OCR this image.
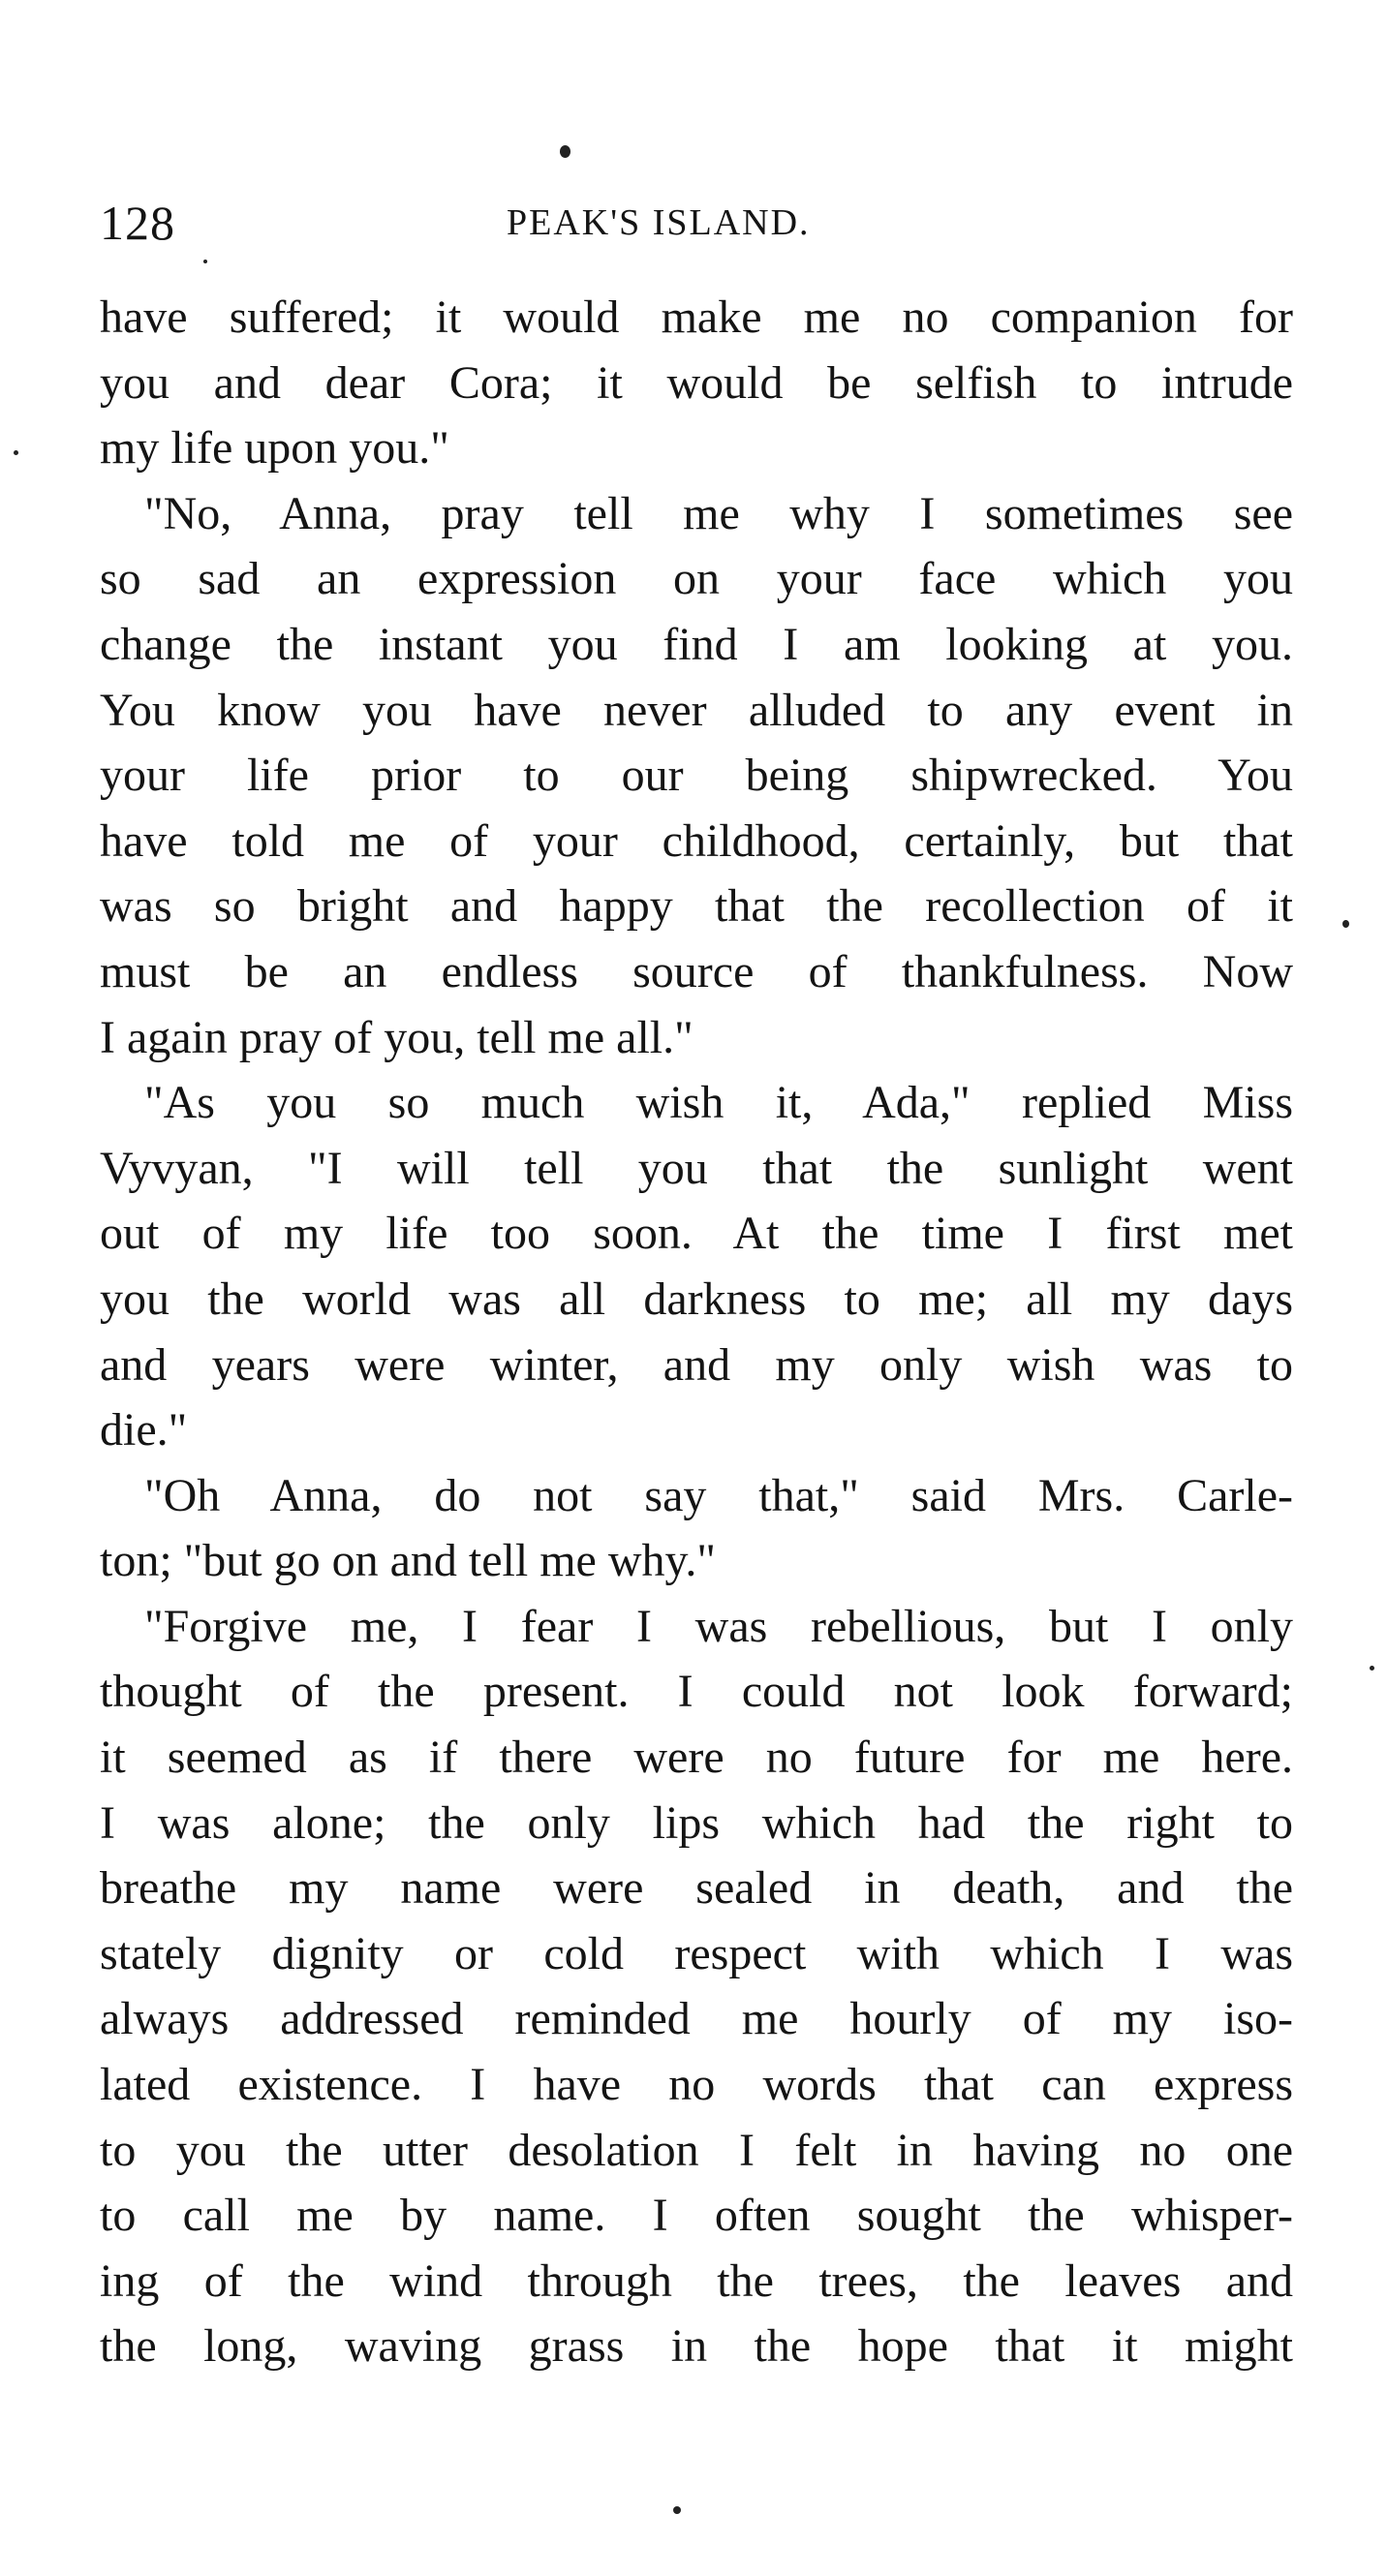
128	PEAK'S ISLAND.
have suffered; it would make me no companion for
you and dear Cora; it would be selfish to intrude
my life upon you."
"No, Anna, pray tell me why I sometimes see
so sad an expression on your face which you
change the instant you find I am looking at you.
You know you have never alluded to any event in
your life prior to our being shipwrecked. You
have told me of your childhood, certainly, but that
was so bright and happy that the recollection of it
must be an endless source of thankfulness. Now
I again pray of you, tell me all."
"As you so much wish it, Ada," replied Miss
Vyvyan, "I will tell you that the sunlight went
out of my life too soon. At the time I first met
you the world was all darkness to me; all my days
and years were winter, and my only wish was to
die."
"Oh Anna, do not say that," said Mrs. Carle-
ton; "but go on and tell me why."
"Forgive me, I fear I was rebellious, but I only
thought of the present. I could not look forward;
it seemed as if there were no future for me here.
I was alone; the only lips which had the right to
breathe my name were sealed in death, and the
stately dignity or cold respect with which I was
always addressed reminded me hourly of my iso-
lated existence. I have no words that can express
to you the utter desolation I felt in having no one
to call me by name. I often sought the whisper-
ing of the wind through the trees, the leaves and
the long, waving grass in the hope that it might
